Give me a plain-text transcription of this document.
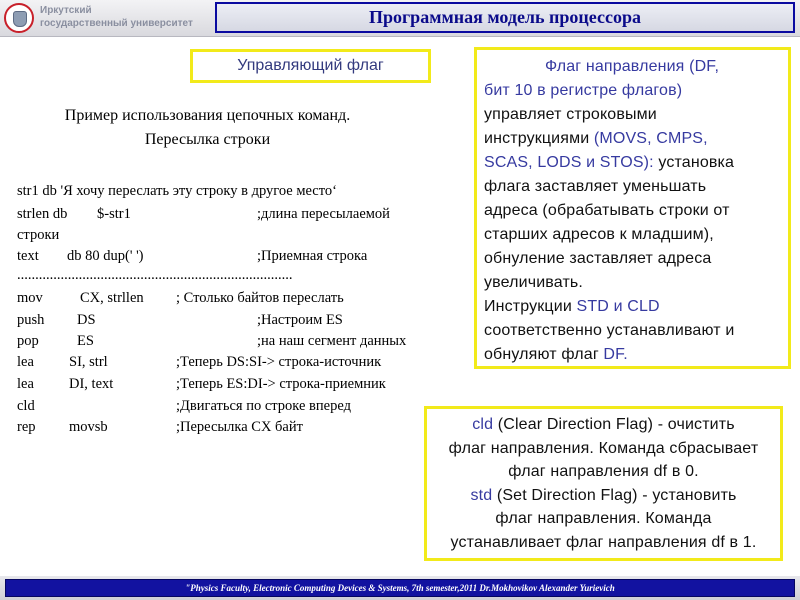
Иркутский
государственный университет	Программная модель процессора
Управляющий флаг
Пример использования цепочных команд.
Пересылка строки
str1 db 'Я хочу переслать эту строку в другое место‘
strlen db $-str1	;длина пересылаемой
строки
text db 80 dup(' ')	;Приемная строка
............................................................................
mov	CX, strllen ; Столько байтов переслать
push DS	;Настроим ES
pop	ES	;на наш сегмент данных
lea SI, strl	;Теперь DS:SI-> строка-источник
lea DI, text	;Теперь ES:DI-> строка-приемник
cld	;Двигаться по строке вперед
rep movsb	;Пересылка CX байт
Флаг направления (DF,
бит 10 в регистре флагов)
управляет строковыми
инструкциями (MOVS, CMPS,
SCAS, LODS и STOS): установка
флага заставляет уменьшать
адреса (обрабатывать строки от
старших адресов к младшим),
обнуление заставляет адреса
увеличивать.
Инструкции STD и CLD
соответственно устанавливают и
обнуляют флаг DF.
cld (Clear Direction Flag) - очистить
флаг направления. Команда сбрасывает
флаг направления df в 0.
std (Set Direction Flag) - установить
флаг направления. Команда
устанавливает флаг направления df в 1.
"Physics Faculty, Electronic Computing Devices & Systems, 7th semester,2011 Dr.Mokhovikov Alexander Yurievich
